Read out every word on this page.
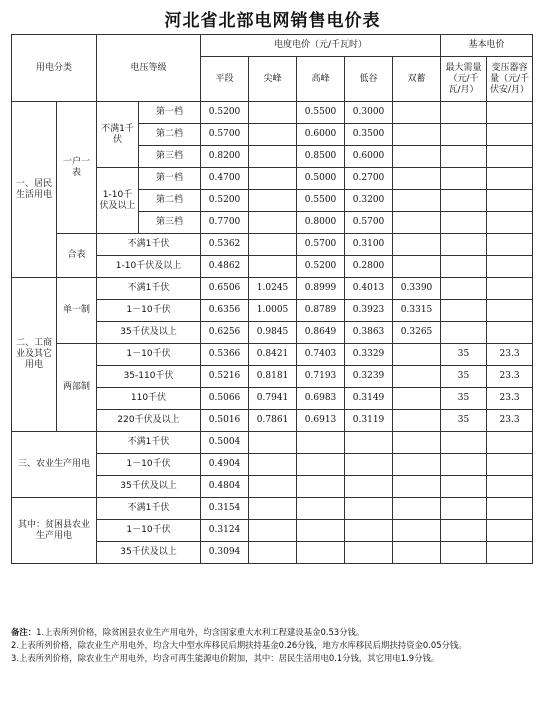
河北省北部电网销售电价表
用电分类		电压等级		电度电价（元/千瓦时）					基本电价	
				平段	尖峰	高峰	低谷	双蓄	最大需量（元/千瓦/月）	变压器容量（元/千伏安/月）

一、居民生活用电	一户一表	不满1千伏	第一档	0.5200		0.5500	0.3000			
			第二档	0.5700		0.6000	0.3500			
			第三档	0.8200		0.8500	0.6000			
		1-10千伏及以上	第一档	0.4700		0.5000	0.2700			
			第二档	0.5200		0.5500	0.3200			
			第三档	0.7700		0.8000	0.5700			
	合表	不满1千伏		0.5362		0.5700	0.3100			
		1-10千伏及以上		0.4862		0.5200	0.2800			
二、工商业及其它用电	单一制	不满1千伏		0.6506	1.0245	0.8999	0.4013	0.3390		
		1－10千伏		0.6356	1.0005	0.8789	0.3923	0.3315		
		35千伏及以上		0.6256	0.9845	0.8649	0.3863	0.3265		
	两部制	1－10千伏		0.5366	0.8421	0.7403	0.3329		35	23.3
		35-110千伏		0.5216	0.8181	0.7193	0.3239		35	23.3
		110千伏		0.5066	0.7941	0.6983	0.3149		35	23.3
		220千伏及以上		0.5016	0.7861	0.6913	0.3119		35	23.3
三、农业生产用电		不满1千伏		0.5004						
		1－10千伏		0.4904						
		35千伏及以上		0.4804						
其中：贫困县农业生产用电		不满1千伏		0.3154						
		1－10千伏		0.3124						
		35千伏及以上		0.3094						

备注：1.上表所列价格，除贫困县农业生产用电外，均含国家重大水利工程建设基金0.53分钱。

2.上表所列价格，除农业生产用电外，均含大中型水库移民后期扶持基金0.26分钱，地方水库移民后期扶持资金0.05分钱。

3.上表所列价格，除农业生产用电外，均含可再生能源电价附加，其中：居民生活用电0.1分钱，其它用电1.9分钱。
